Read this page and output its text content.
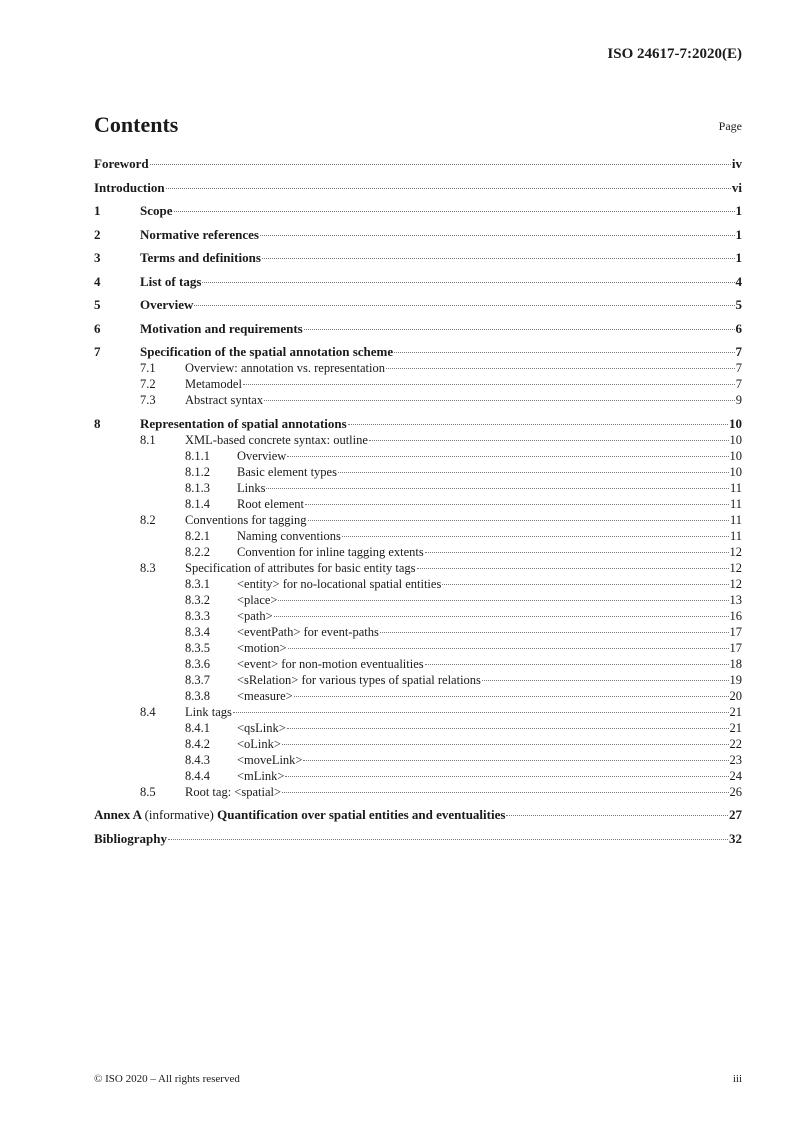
ISO 24617-7:2020(E)
Contents	Page
Foreword	iv
Introduction	vi
1	Scope	1
2	Normative references	1
3	Terms and definitions	1
4	List of tags	4
5	Overview	5
6	Motivation and requirements	6
7	Specification of the spatial annotation scheme	7
7.1	Overview: annotation vs. representation	7
7.2	Metamodel	7
7.3	Abstract syntax	9
8	Representation of spatial annotations	10
8.1	XML-based concrete syntax: outline	10
8.1.1	Overview	10
8.1.2	Basic element types	10
8.1.3	Links	11
8.1.4	Root element	11
8.2	Conventions for tagging	11
8.2.1	Naming conventions	11
8.2.2	Convention for inline tagging extents	12
8.3	Specification of attributes for basic entity tags	12
8.3.1	<entity> for no-locational spatial entities	12
8.3.2	<place>	13
8.3.3	<path>	16
8.3.4	<eventPath> for event-paths	17
8.3.5	<motion>	17
8.3.6	<event> for non-motion eventualities	18
8.3.7	<sRelation> for various types of spatial relations	19
8.3.8	<measure>	20
8.4	Link tags	21
8.4.1	<qsLink>	21
8.4.2	<oLink>	22
8.4.3	<moveLink>	23
8.4.4	<mLink>	24
8.5	Root tag: <spatial>	26
Annex A (informative) Quantification over spatial entities and eventualities	27
Bibliography	32
© ISO 2020 – All rights reserved	iii
